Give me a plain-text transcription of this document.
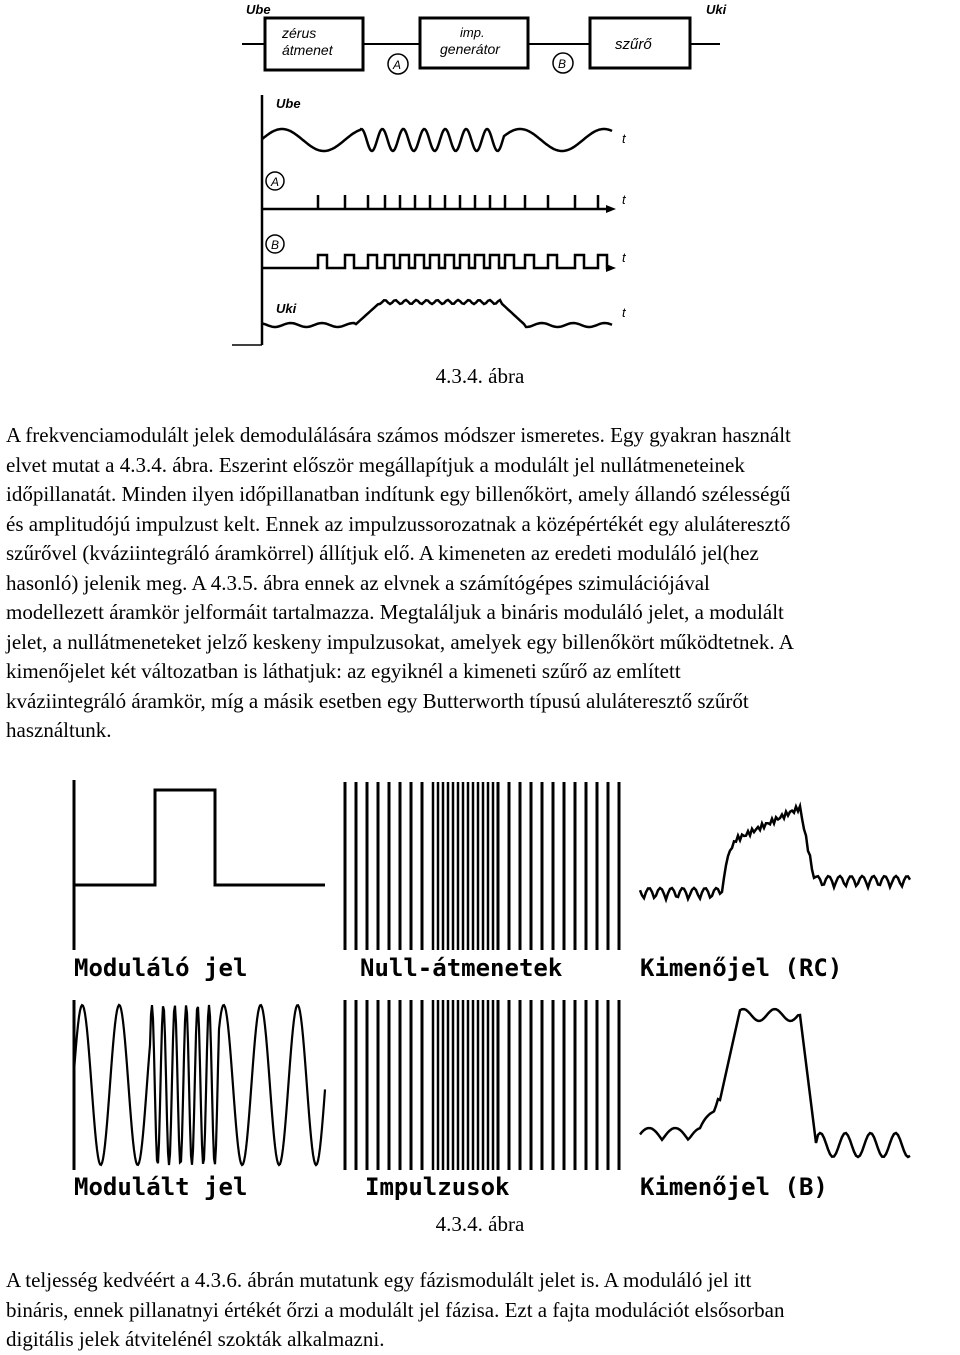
Ube	Uki
zérus
átmenet
imp.
generátor	szűrő
A	B
Ube
A
B
Uki
t
t
t
t
4.3.4. ábra
A frekvenciamodulált jelek demodulálására számos módszer ismeretes. Egy gyakran használt
elvet mutat a 4.3.4. ábra. Eszerint először megállapítjuk a modulált jel nullátmeneteinek
időpillanatát. Minden ilyen időpillanatban indítunk egy billenőkört, amely állandó szélességű
és amplitudójú impulzust kelt. Ennek az impulzussorozatnak a középértékét egy aluláteresztő
szűrővel (kváziintegráló áramkörrel) állítjuk elő. A kimeneten az eredeti moduláló jel(hez
hasonló) jelenik meg. A 4.3.5. ábra ennek az elvnek a számítógépes szimulációjával
modellezett áramkör jelformáit tartalmazza. Megtaláljuk a bináris moduláló jelet, a modulált
jelet, a nullátmeneteket jelző keskeny impulzusokat, amelyek egy billenőkört működtetnek. A
kimenőjelet két változatban is láthatjuk: az egyiknél a kimeneti szűrő az említett
kváziintegráló áramkör, míg a másik esetben egy Butterworth típusú aluláteresztő szűrőt
használtunk.
Moduláló jel	Null-átmenetek	Kimenőjel (RC)
Modulált jel	Impulzusok	Kimenőjel (B)
4.3.4. ábra
A teljesség kedvéért a 4.3.6. ábrán mutatunk egy fázismodulált jelet is. A moduláló jel itt
bináris, ennek pillanatnyi értékét őrzi a modulált jel fázisa. Ezt a fajta modulációt elsősorban
digitális jelek átvitelénél szokták alkalmazni.
